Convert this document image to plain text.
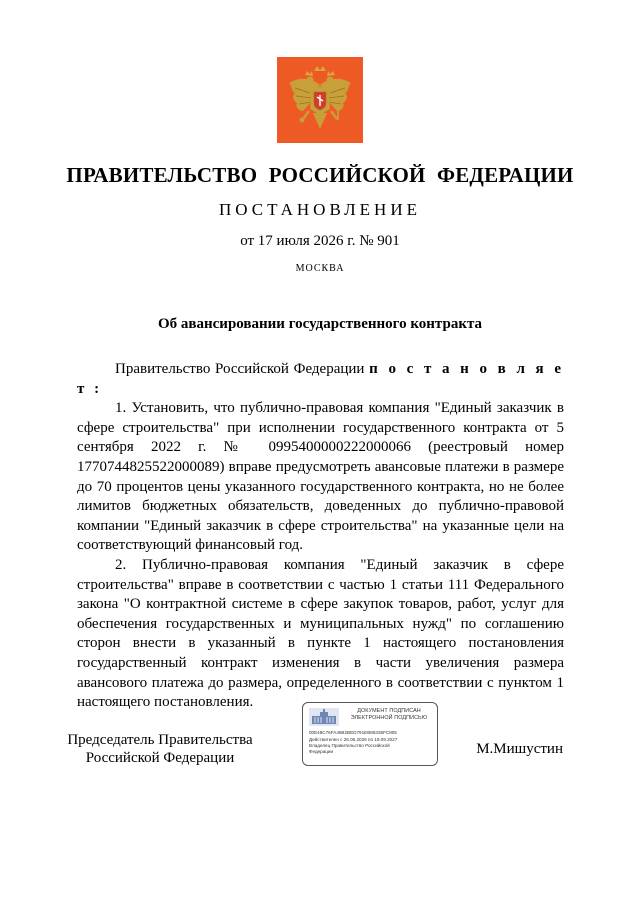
ПРАВИТЕЛЬСТВО РОССИЙСКОЙ ФЕДЕРАЦИИ
ПОСТАНОВЛЕНИЕ
от 17 июля 2026 г. № 901
МОСКВА
Об авансировании государственного контракта

Правительство Российской Федерации п о с т а н о в л я е т :

1. Установить, что публично-правовая компания "Единый заказчик в сфере строительства" при исполнении государственного контракта от 5 сентября 2022 г. № 0995400000222000066 (реестровый номер 1770744825522000089) вправе предусмотреть авансовые платежи в размере до 70 процентов цены указанного государственного контракта, но не более лимитов бюджетных обязательств, доведенных до публично-правовой компании "Единый заказчик в сфере строительства" на указанные цели на соответствующий финансовый год.

2. Публично-правовая компания "Единый заказчик в сфере строительства" вправе в соответствии с частью 1 статьи 111 Федерального закона "О контрактной системе в сфере закупок товаров, работ, услуг для обеспечения государственных и муниципальных нужд" по соглашению сторон внести в указанный в пункте 1 настоящего постановления государственный контракт изменения в части увеличения размера авансового платежа до размера, определенного в соответствии с пунктом 1 настоящего постановления.

Председатель Правительства
Российской Федерации
ДОКУМЕНТ ПОДПИСАН
ЭЛЕКТРОННОЙ ПОДПИСЬЮ
00E48C76FA46B2BED791EB88336FC805
Действителен с 26.06.2026 по 19.09.2027
Владелец Правительство Российской
Федерации	М.Мишустин
